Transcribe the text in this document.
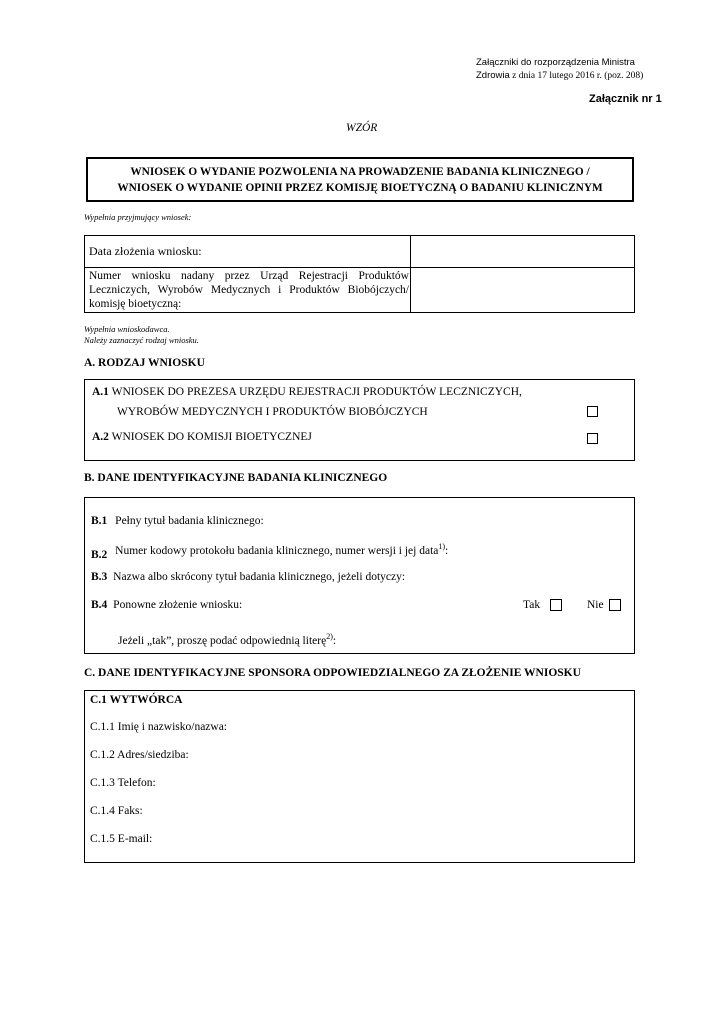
Załączniki do rozporządzenia Ministra
Zdrowia z dnia 17 lutego 2016 r. (poz. 208)
Załącznik nr 1
WZÓR
WNIOSEK O WYDANIE POZWOLENIA NA PROWADZENIE BADANIA KLINICZNEGO /
WNIOSEK O WYDANIE OPINII PRZEZ KOMISJĘ BIOETYCZNĄ O BADANIU KLINICZNYM
Wypełnia przyjmujący wniosek:
Data złożenia wniosku:
Numer wniosku nadany przez Urząd Rejestracji Produktów
Leczniczych, Wyrobów Medycznych i Produktów Biobójczych/
komisję bioetyczną:
Wypełnia wnioskodawca.
Należy zaznaczyć rodzaj wniosku.
A. RODZAJ WNIOSKU
A.1 WNIOSEK DO PREZESA URZĘDU REJESTRACJI PRODUKTÓW LECZNICZYCH,
WYROBÓW MEDYCZNYCH I PRODUKTÓW BIOBÓJCZYCH
A.2 WNIOSEK DO KOMISJI BIOETYCZNEJ
B. DANE IDENTYFIKACYJNE BADANIA KLINICZNEGO
B.1 Pełny tytuł badania klinicznego:
B.2 Numer kodowy protokołu badania klinicznego, numer wersji i jej data$^{1)}$:
B.3 Nazwa albo skrócony tytuł badania klinicznego, jeżeli dotyczy:
B.4 Ponowne złożenie wniosku:	Tak	Nie
Jeżeli „tak”, proszę podać odpowiednią literę$^{2)}$:
C. DANE IDENTYFIKACYJNE SPONSORA ODPOWIEDZIALNEGO ZA ZŁOŻENIE WNIOSKU
C.1 WYTWÓRCA
C.1.1 Imię i nazwisko/nazwa:
C.1.2 Adres/siedziba:
C.1.3 Telefon:
C.1.4 Faks:
C.1.5 E-mail:
